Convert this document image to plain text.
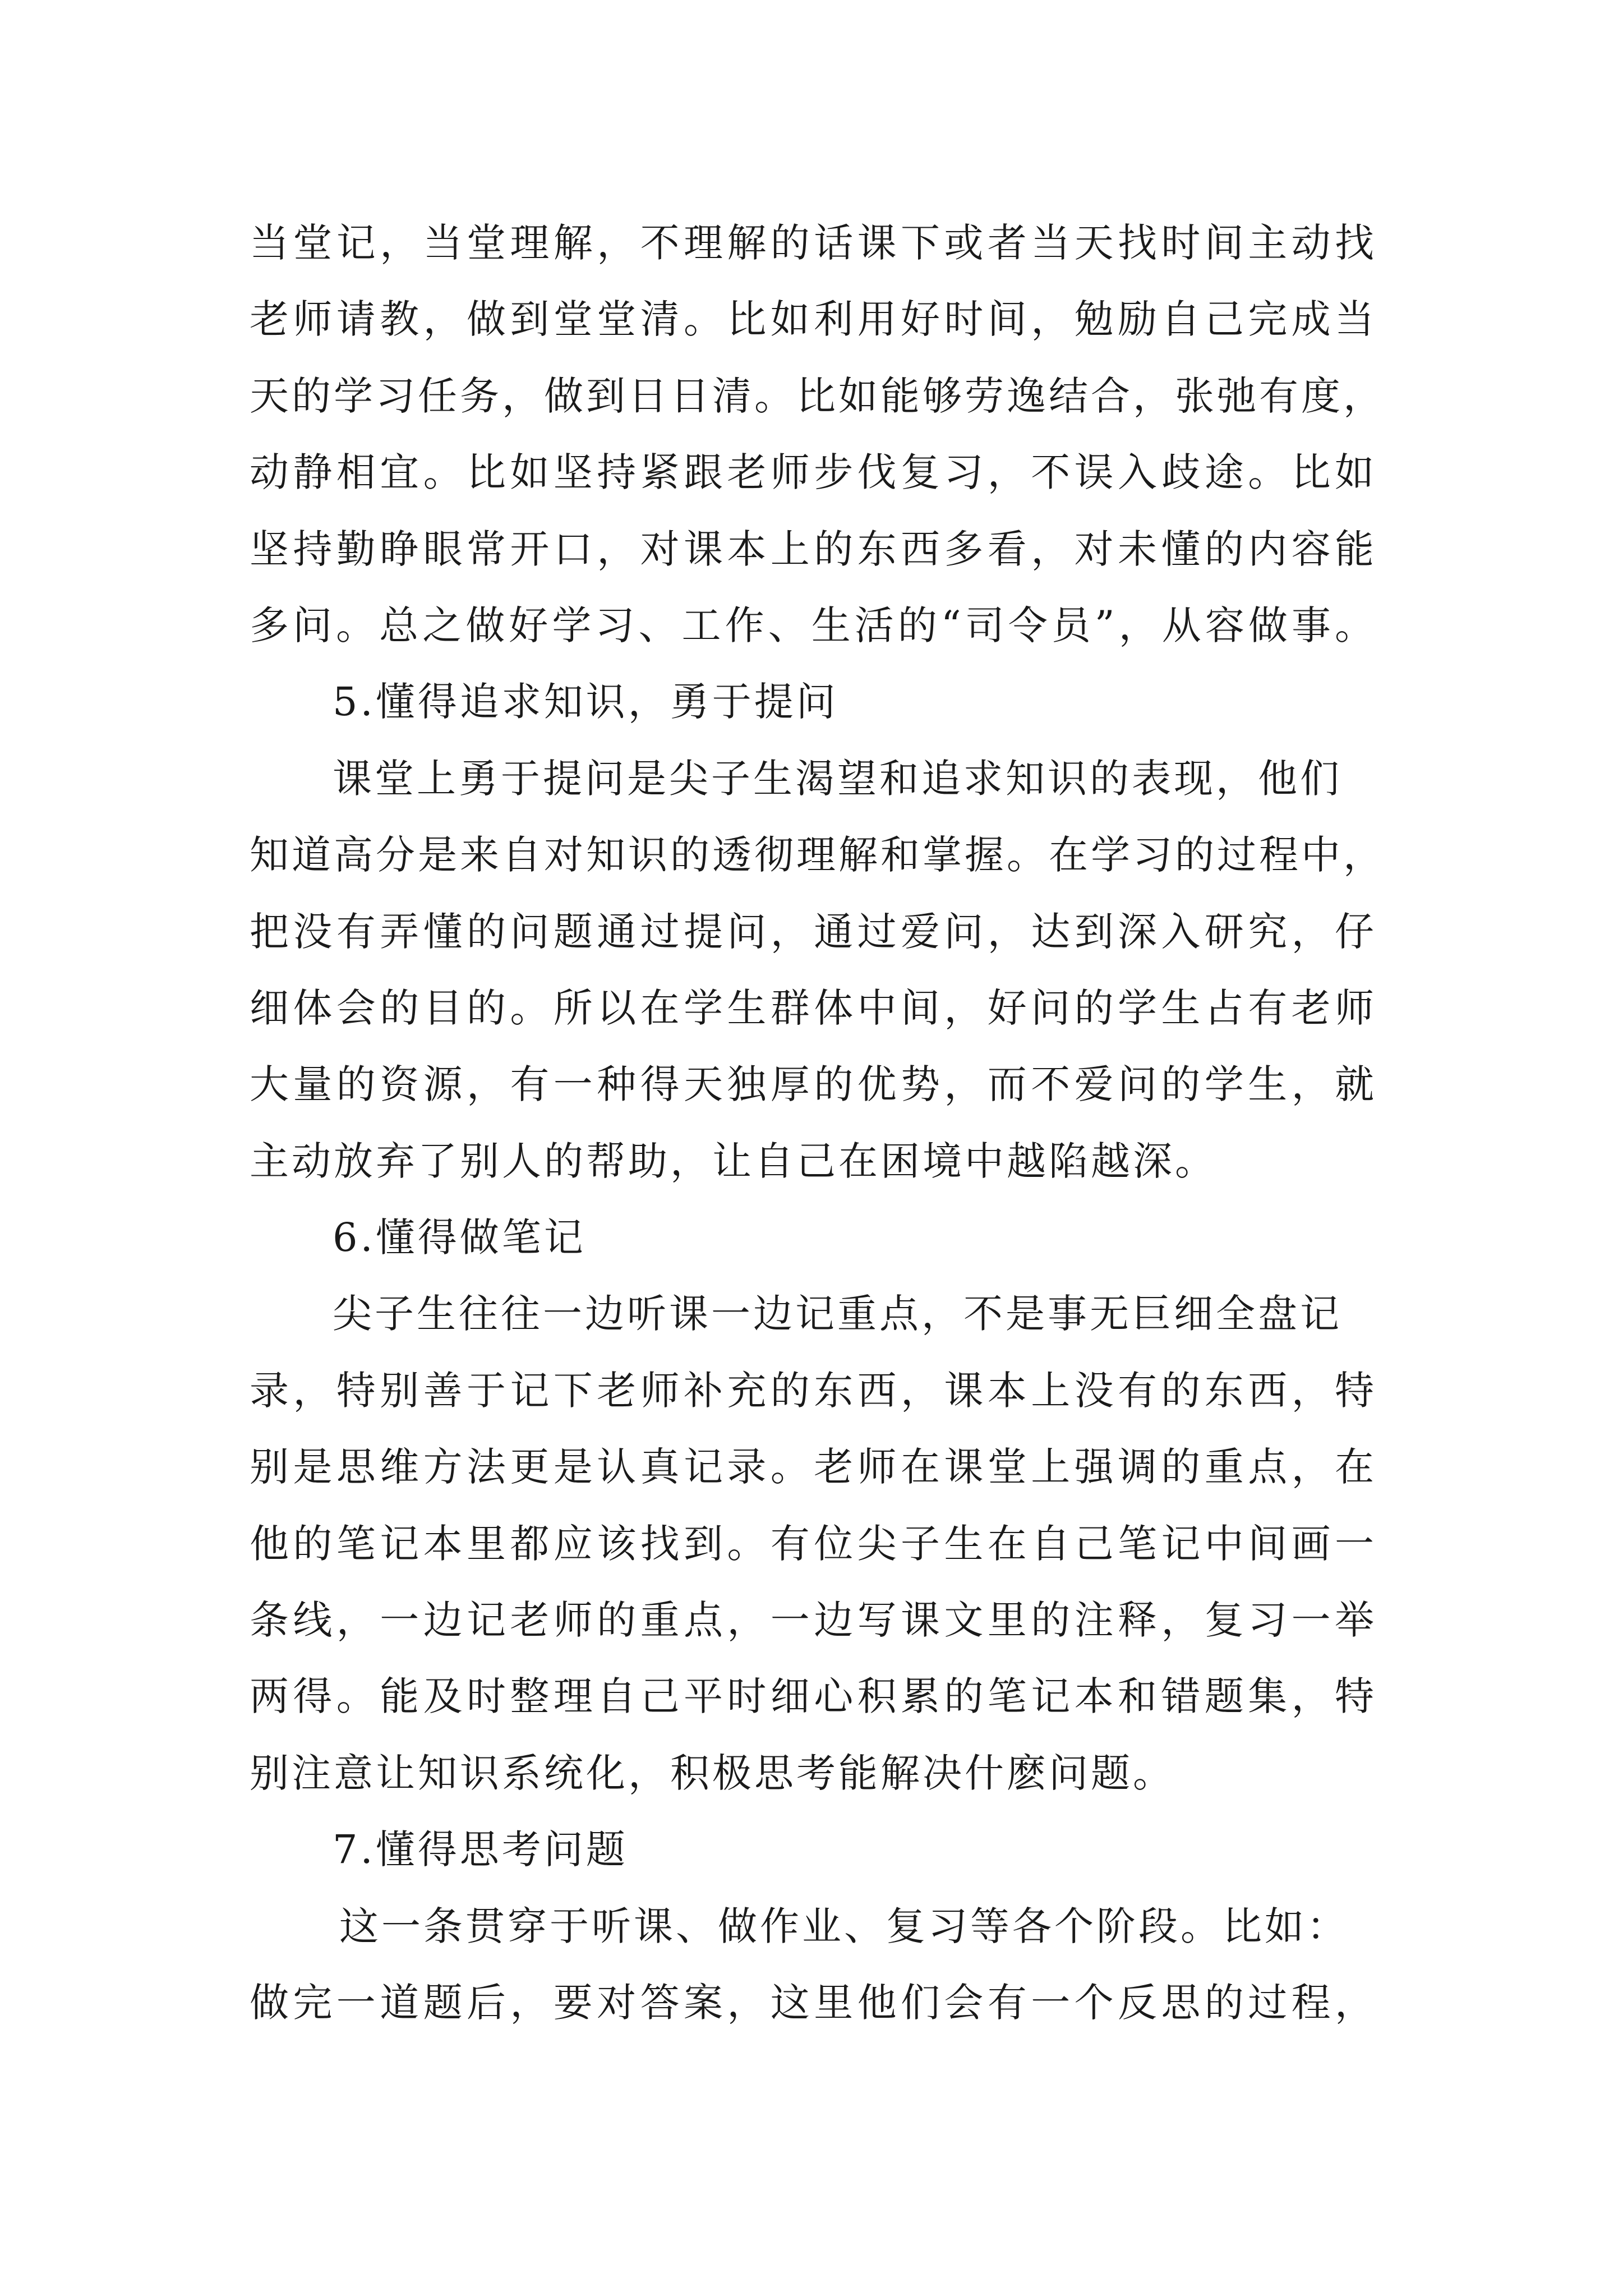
当堂记，当堂理解，不理解的话课下或者当天找时间主动找
老师请教，做到堂堂清。比如利用好时间，勉励自己完成当
天的学习任务，做到日日清。比如能够劳逸结合，张弛有度，
动静相宜。比如坚持紧跟老师步伐复习，不误入歧途。比如
坚持勤睁眼常开口，对课本上的东西多看，对未懂的内容能
多问。总之做好学习、工作、生活的“司令员”，从容做事。
5.懂得追求知识，勇于提问
课堂上勇于提问是尖子生渴望和追求知识的表现，他们
知道高分是来自对知识的透彻理解和掌握。在学习的过程中，
把没有弄懂的问题通过提问，通过爱问，达到深入研究，仔
细体会的目的。所以在学生群体中间，好问的学生占有老师
大量的资源，有一种得天独厚的优势，而不爱问的学生，就
主动放弃了别人的帮助，让自己在困境中越陷越深。
6.懂得做笔记
尖子生往往一边听课一边记重点，不是事无巨细全盘记
录，特别善于记下老师补充的东西，课本上没有的东西，特
别是思维方法更是认真记录。老师在课堂上强调的重点，在
他的笔记本里都应该找到。有位尖子生在自己笔记中间画一
条线，一边记老师的重点，一边写课文里的注释，复习一举
两得。能及时整理自己平时细心积累的笔记本和错题集，特
别注意让知识系统化，积极思考能解决什麽问题。
7.懂得思考问题
这一条贯穿于听课、做作业、复习等各个阶段。比如：
做完一道题后，要对答案，这里他们会有一个反思的过程，
